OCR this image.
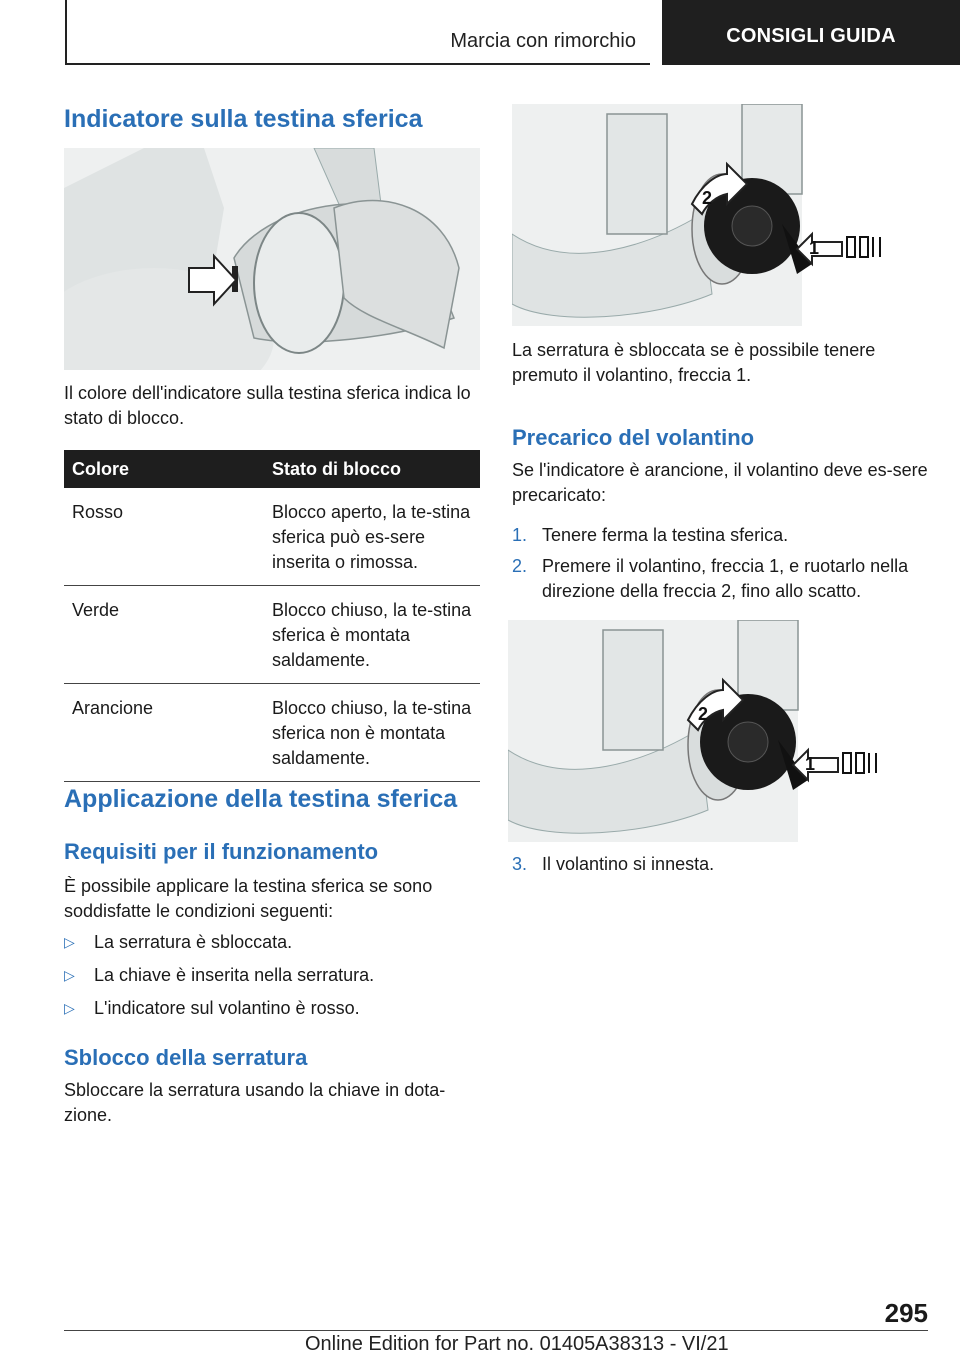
Marcia con rimorchio	CONSIGLI GUIDA
Indicatore sulla testina sferica

Il colore dell'indicatore sulla testina sferica indica lo stato di blocco.

Colore	Stato di blocco
Rosso	Blocco aperto, la te-stina sferica può es-sere inserita o rimossa.
Verde	Blocco chiuso, la te-stina sferica è montata saldamente.
Arancione	Blocco chiuso, la te-stina sferica non è montata saldamente.
Applicazione della testina sferica
Requisiti per il funzionamento

È possibile applicare la testina sferica se sono soddisfatte le condizioni seguenti:

▷ La serratura è sbloccata.
▷ La chiave è inserita nella serratura.
▷ L'indicatore sul volantino è rosso.
Sblocco della serratura

Sbloccare la serratura usando la chiave in dota-zione.

2
1

La serratura è sbloccata se è possibile tenere premuto il volantino, freccia 1.

Precarico del volantino

Se l'indicatore è arancione, il volantino deve es-sere precaricato:

1. Tenere ferma la testina sferica.
2. Premere il volantino, freccia 1, e ruotarlo nella direzione della freccia 2, fino allo scatto.
2
1
3. Il volantino si innesta.
295
Online Edition for Part no. 01405A38313 - VI/21
